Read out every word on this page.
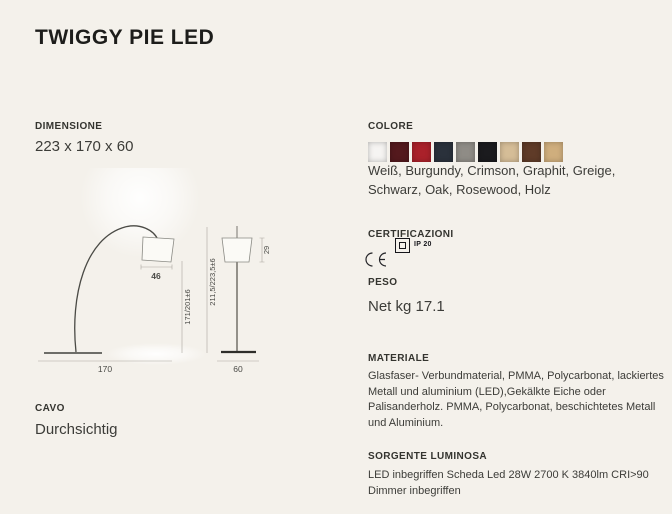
TWIGGY PIE LED
DIMENSIONE
223 x 170 x 60
46
171/201±6
211,5/223,5±6
170
29
60
CAVO
Durchsichtig
COLORE
Weiß, Burgundy, Crimson, Graphit, Greige, Schwarz, Oak, Rosewood, Holz
CERTIFICAZIONI
IP 20
PESO
Net kg 17.1
MATERIALE
Glasfaser- Verbundmaterial, PMMA, Polycarbonat, lackiertes Metall und aluminium (LED),Gekälkte Eiche oder Palisanderholz. PMMA, Polycarbonat, beschichtetes Metall und Aluminium.
SORGENTE LUMINOSA
LED inbegriffen Scheda Led 28W 2700 K 3840lm CRI>90 Dimmer inbegriffen
